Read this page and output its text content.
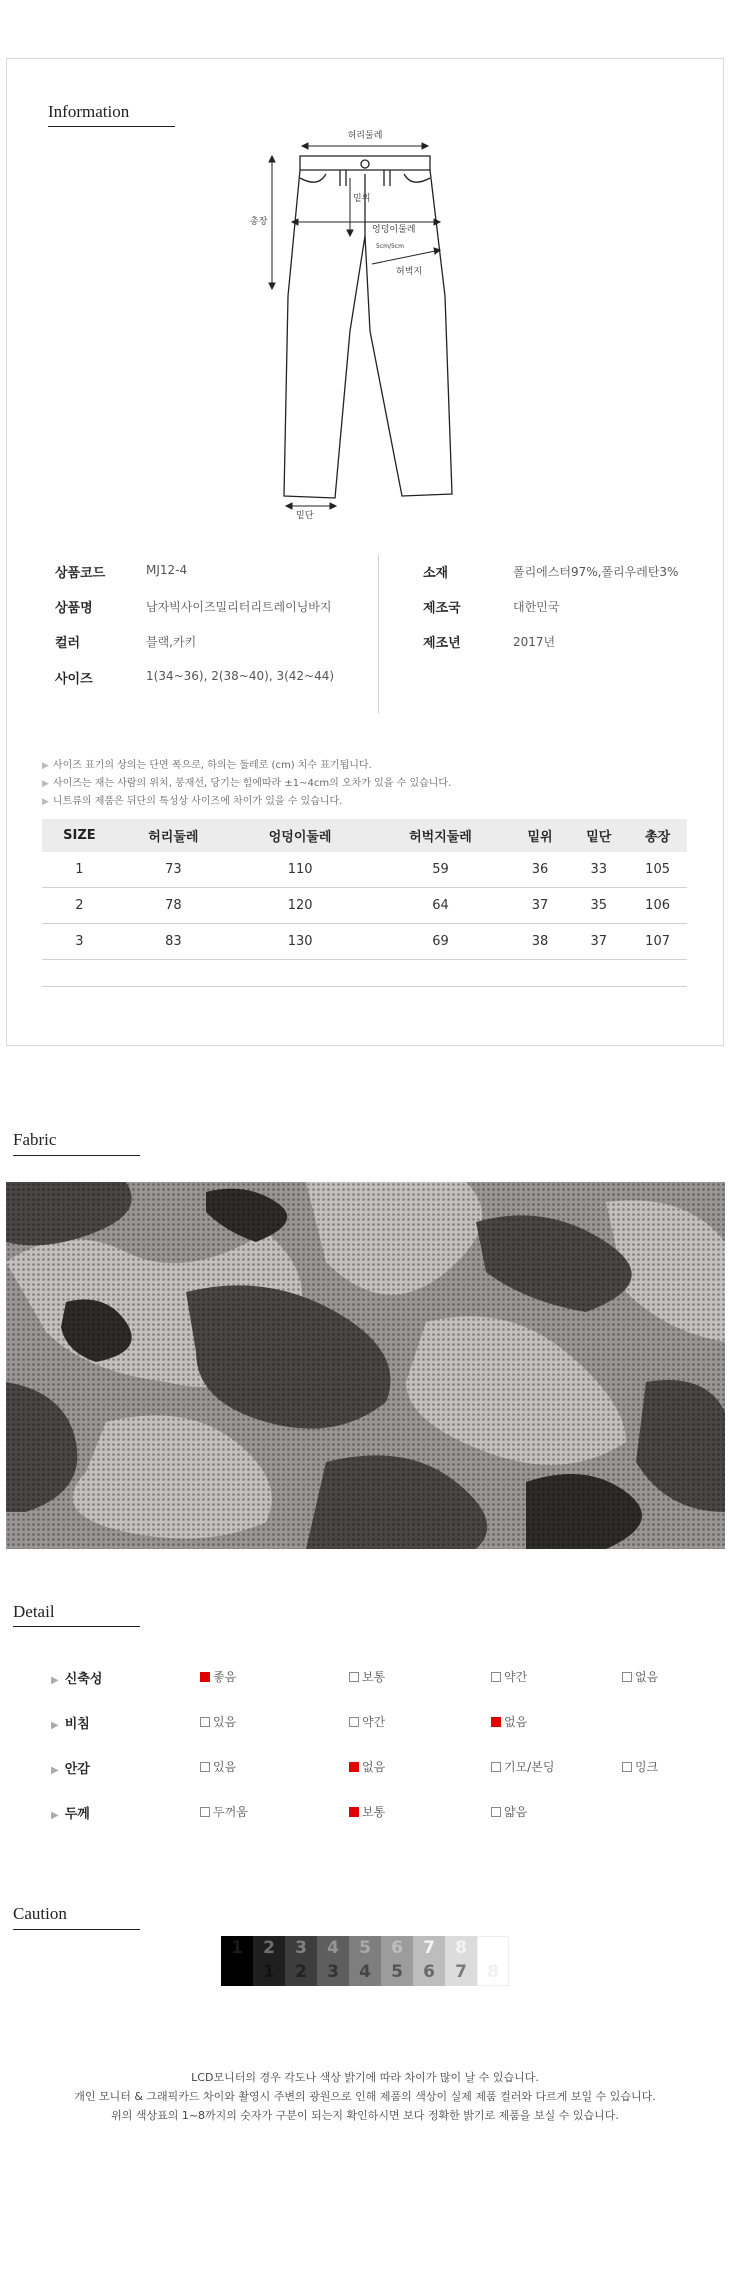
Information
허리둘레
밑위
총장
엉덩이둘레
5cm/5cm
허벅지
밑단
상품코드	MJ12-4
상품명	남자빅사이즈밀리터리트레이닝바지
컬러	블랙,카키
사이즈	1(34~36), 2(38~40), 3(42~44)
소재	폴리에스터97%,폴리우레탄3%
제조국	대한민국
제조년	2017년
▶ 사이즈 표기의 상의는 단면 폭으로, 하의는 둘레로 (cm) 치수 표기됩니다.
▶ 사이즈는 재는 사람의 위치, 봉재선, 당기는 힘에따라 ±1~4cm의 오차가 있을 수 있습니다.
▶ 니트류의 제품은 뒤단의 특성상 사이즈에 차이가 있을 수 있습니다.
SIZE	허리둘레	엉덩이둘레	허벅지둘레	밑위	밑단	총장
1	73	110	59	36	33	105
2	78	120	64	37	35	106
3	83	130	69	38	37	107
Fabric
Detail
▶ 신축성	좋음	보통	약간	없음
▶ 비침	있음	약간	없음
▶ 안감	있음	없음	기모/본딩	밍크
▶ 두께	두꺼움	보통	얇음
Caution
1	2
1
3
2
4
3
5
4
6
5
7
6
8
7	8
LCD모니터의 경우 각도나 색상 밝기에 따라 차이가 많이 날 수 있습니다.
개인 모니터 & 그래픽카드 차이와 촬영시 주변의 광원으로 인해 제품의 색상이 실제 제품 컬러와 다르게 보일 수 있습니다.
위의 색상표의 1~8까지의 숫자가 구분이 되는지 확인하시면 보다 정확한 밝기로 제품을 보실 수 있습니다.
